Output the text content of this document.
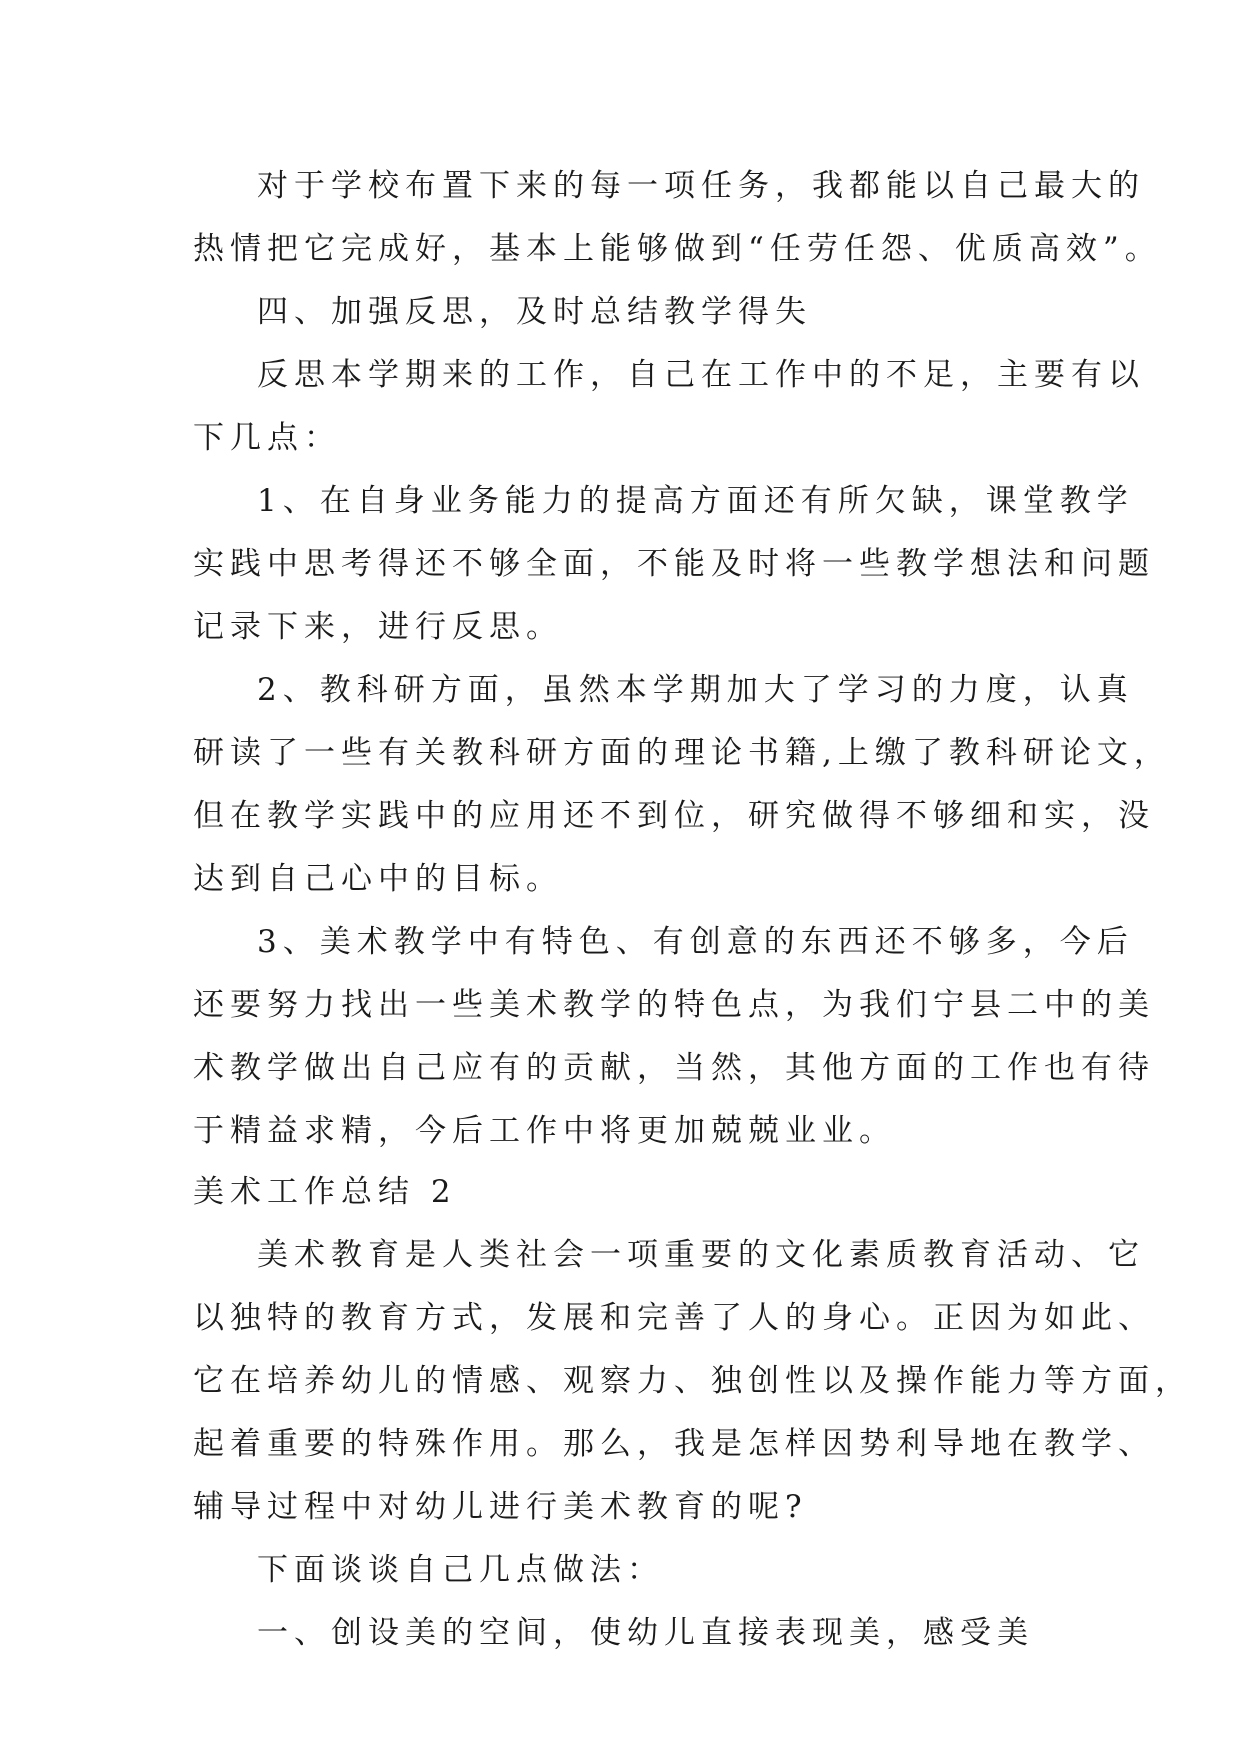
对于学校布置下来的每一项任务，我都能以自己最大的
热情把它完成好，基本上能够做到“任劳任怨、优质高效”。
四、加强反思，及时总结教学得失
反思本学期来的工作，自己在工作中的不足，主要有以
下几点：
1、在自身业务能力的提高方面还有所欠缺，课堂教学
实践中思考得还不够全面，不能及时将一些教学想法和问题
记录下来，进行反思。
2、教科研方面，虽然本学期加大了学习的力度，认真
研读了一些有关教科研方面的理论书籍,上缴了教科研论文，
但在教学实践中的应用还不到位，研究做得不够细和实，没
达到自己心中的目标。
3、美术教学中有特色、有创意的东西还不够多，今后
还要努力找出一些美术教学的特色点，为我们宁县二中的美
术教学做出自己应有的贡献，当然，其他方面的工作也有待
于精益求精，今后工作中将更加兢兢业业。
美术工作总结 2
美术教育是人类社会一项重要的文化素质教育活动、它
以独特的教育方式，发展和完善了人的身心。正因为如此、
它在培养幼儿的情感、观察力、独创性以及操作能力等方面，
起着重要的特殊作用。那么，我是怎样因势利导地在教学、
辅导过程中对幼儿进行美术教育的呢?
下面谈谈自己几点做法：
一、创设美的空间，使幼儿直接表现美，感受美
